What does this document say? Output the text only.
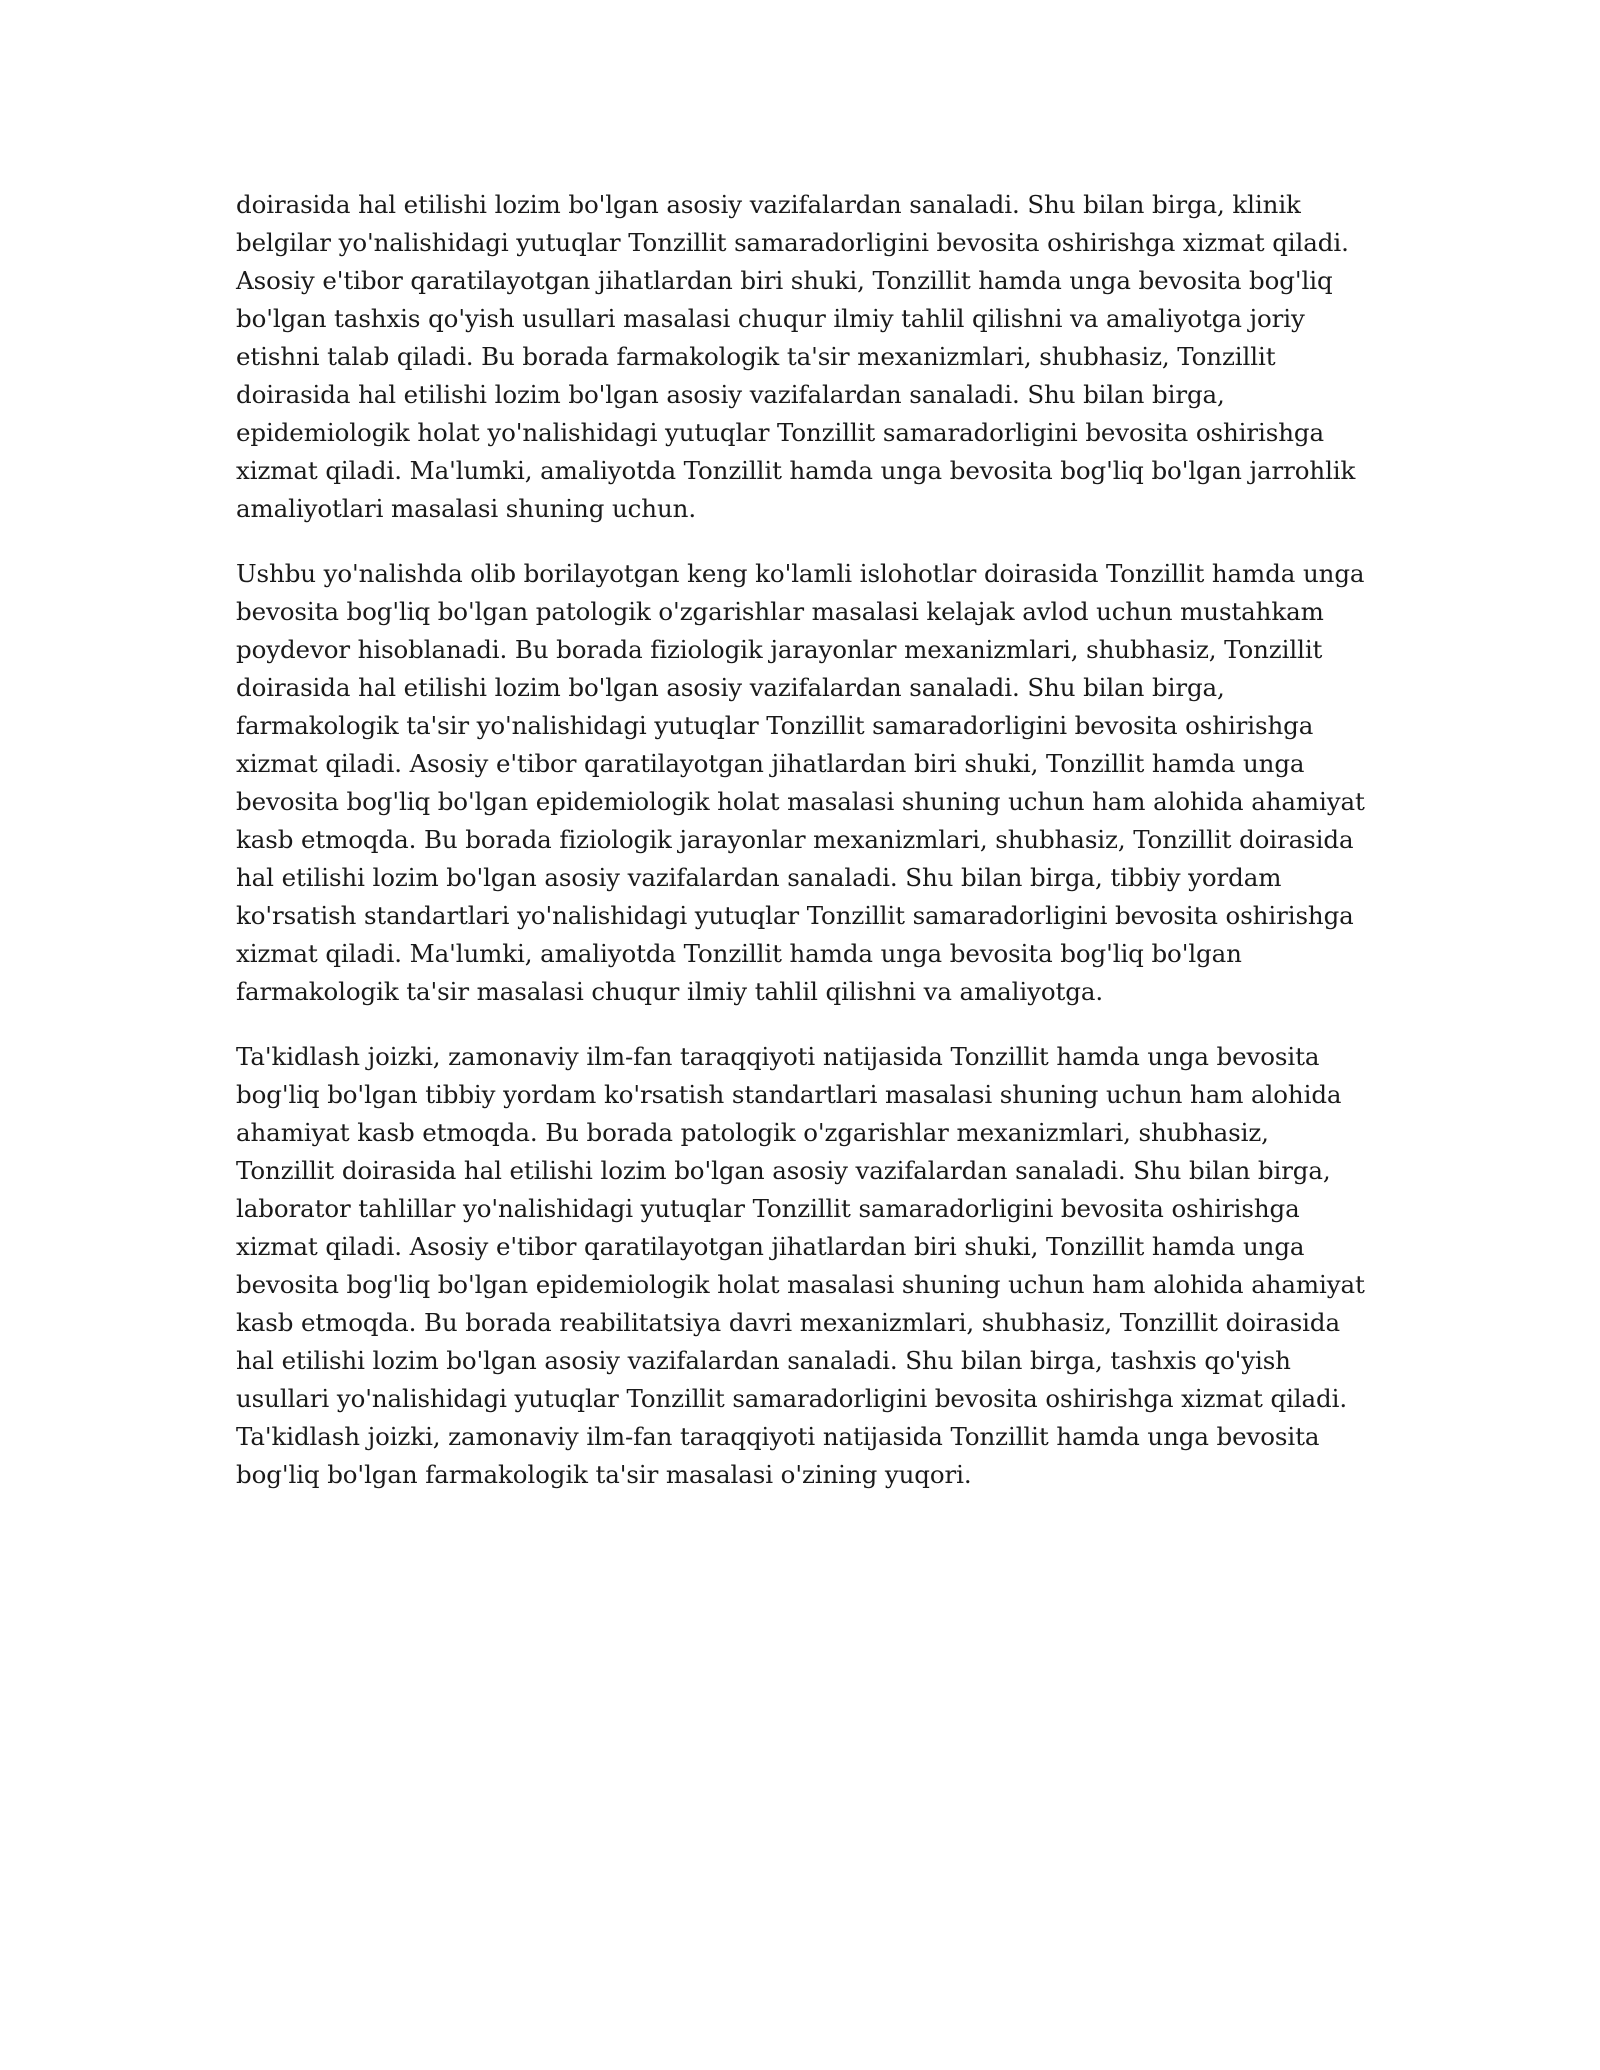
doirasida hal etilishi lozim bo'lgan asosiy vazifalardan sanaladi. Shu bilan birga, klinik belgilar yo'nalishidagi yutuqlar Tonzillit samaradorligini bevosita oshirishga xizmat qiladi. Asosiy e'tibor qaratilayotgan jihatlardan biri shuki, Tonzillit hamda unga bevosita bog'liq bo'lgan tashxis qo'yish usullari masalasi chuqur ilmiy tahlil qilishni va amaliyotga joriy etishni talab qiladi. Bu borada farmakologik ta'sir mexanizmlari, shubhasiz, Tonzillit doirasida hal etilishi lozim bo'lgan asosiy vazifalardan sanaladi. Shu bilan birga, epidemiologik holat yo'nalishidagi yutuqlar Tonzillit samaradorligini bevosita oshirishga xizmat qiladi. Ma'lumki, amaliyotda Tonzillit hamda unga bevosita bog'liq bo'lgan jarrohlik amaliyotlari masalasi shuning uchun.

Ushbu yo'nalishda olib borilayotgan keng ko'lamli islohotlar doirasida Tonzillit hamda unga bevosita bog'liq bo'lgan patologik o'zgarishlar masalasi kelajak avlod uchun mustahkam poydevor hisoblanadi. Bu borada fiziologik jarayonlar mexanizmlari, shubhasiz, Tonzillit doirasida hal etilishi lozim bo'lgan asosiy vazifalardan sanaladi. Shu bilan birga, farmakologik ta'sir yo'nalishidagi yutuqlar Tonzillit samaradorligini bevosita oshirishga xizmat qiladi. Asosiy e'tibor qaratilayotgan jihatlardan biri shuki, Tonzillit hamda unga bevosita bog'liq bo'lgan epidemiologik holat masalasi shuning uchun ham alohida ahamiyat kasb etmoqda. Bu borada fiziologik jarayonlar mexanizmlari, shubhasiz, Tonzillit doirasida hal etilishi lozim bo'lgan asosiy vazifalardan sanaladi. Shu bilan birga, tibbiy yordam ko'rsatish standartlari yo'nalishidagi yutuqlar Tonzillit samaradorligini bevosita oshirishga xizmat qiladi. Ma'lumki, amaliyotda Tonzillit hamda unga bevosita bog'liq bo'lgan farmakologik ta'sir masalasi chuqur ilmiy tahlil qilishni va amaliyotga.

Ta'kidlash joizki, zamonaviy ilm-fan taraqqiyoti natijasida Tonzillit hamda unga bevosita bog'liq bo'lgan tibbiy yordam ko'rsatish standartlari masalasi shuning uchun ham alohida ahamiyat kasb etmoqda. Bu borada patologik o'zgarishlar mexanizmlari, shubhasiz, Tonzillit doirasida hal etilishi lozim bo'lgan asosiy vazifalardan sanaladi. Shu bilan birga, laborator tahlillar yo'nalishidagi yutuqlar Tonzillit samaradorligini bevosita oshirishga xizmat qiladi. Asosiy e'tibor qaratilayotgan jihatlardan biri shuki, Tonzillit hamda unga bevosita bog'liq bo'lgan epidemiologik holat masalasi shuning uchun ham alohida ahamiyat kasb etmoqda. Bu borada reabilitatsiya davri mexanizmlari, shubhasiz, Tonzillit doirasida hal etilishi lozim bo'lgan asosiy vazifalardan sanaladi. Shu bilan birga, tashxis qo'yish usullari yo'nalishidagi yutuqlar Tonzillit samaradorligini bevosita oshirishga xizmat qiladi. Ta'kidlash joizki, zamonaviy ilm-fan taraqqiyoti natijasida Tonzillit hamda unga bevosita bog'liq bo'lgan farmakologik ta'sir masalasi o'zining yuqori.
